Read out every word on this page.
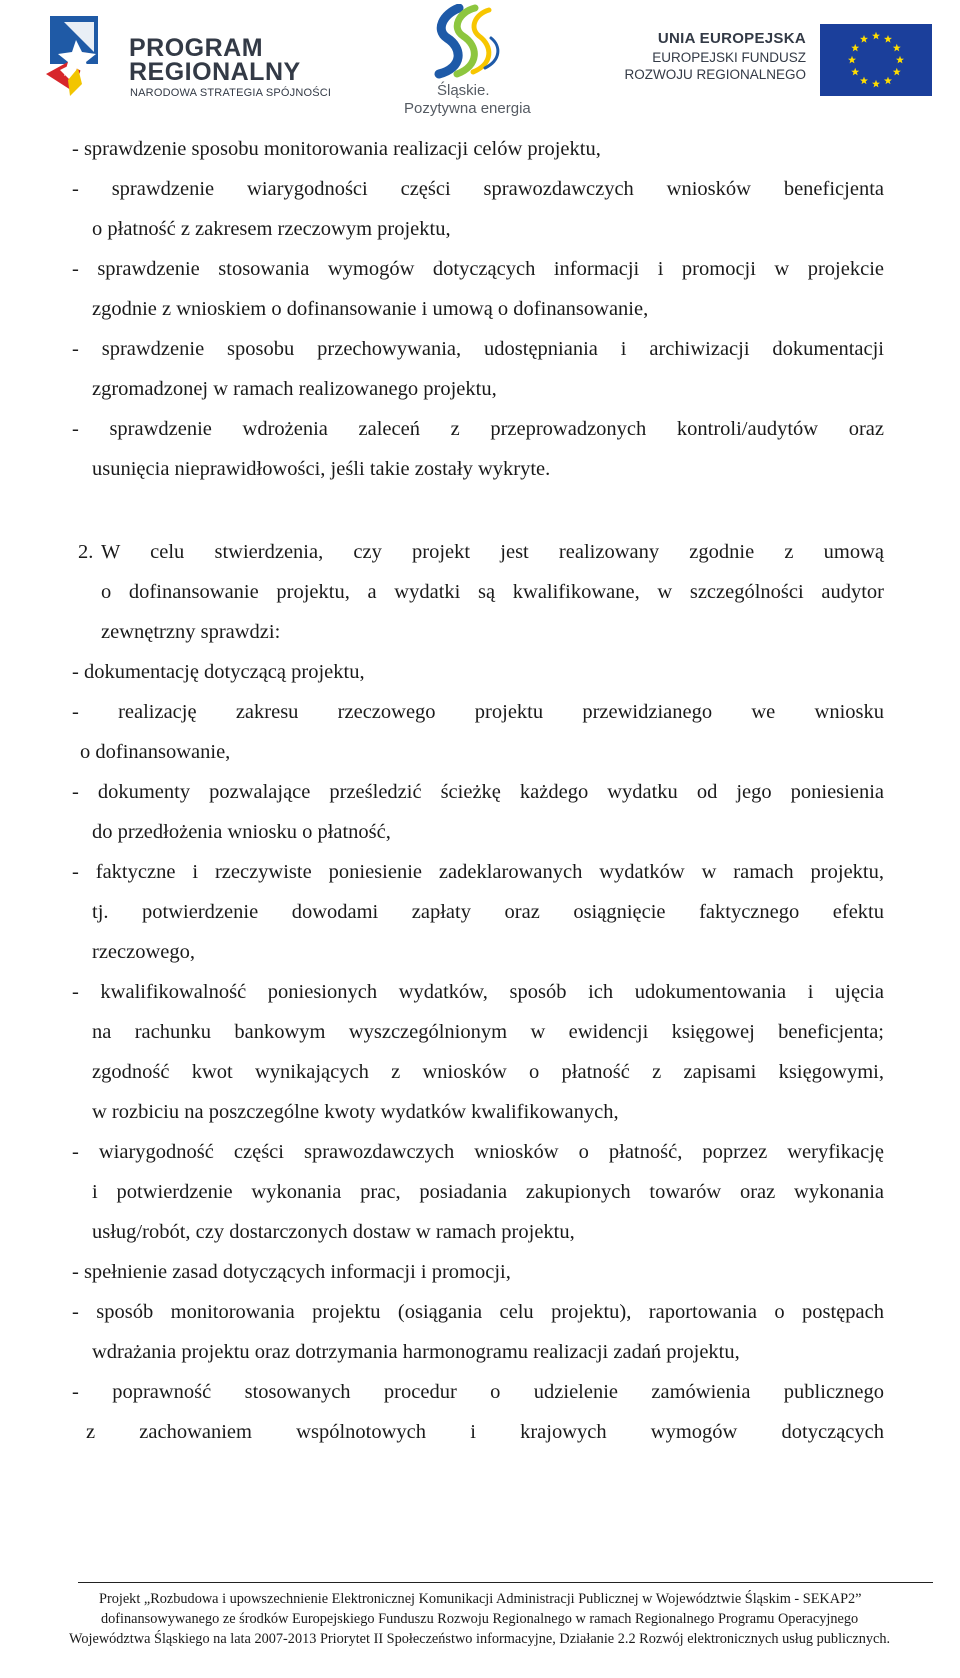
PROGRAM
REGIONALNY
NARODOWA STRATEGIA SPÓJNOŚCI	Śląskie.
Pozytywna energia
UNIA EUROPEJSKA
EUROPEJSKI FUNDUSZ
ROZWOJU REGIONALNEGO
- sprawdzenie sposobu monitorowania realizacji celów projektu,
- sprawdzenie wiarygodności części sprawozdawczych wniosków beneficjenta
o płatność z zakresem rzeczowym projektu,
- sprawdzenie stosowania wymogów dotyczących informacji i promocji w projekcie
zgodnie z wnioskiem o dofinansowanie i umową o dofinansowanie,
- sprawdzenie sposobu przechowywania, udostępniania i archiwizacji dokumentacji
zgromadzonej w ramach realizowanego projektu,
- sprawdzenie wdrożenia zaleceń z przeprowadzonych kontroli/audytów oraz
usunięcia nieprawidłowości, jeśli takie zostały wykryte.
2. W celu stwierdzenia, czy projekt jest realizowany zgodnie z umową
o dofinansowanie projektu, a wydatki są kwalifikowane, w szczególności audytor
zewnętrzny sprawdzi:
- dokumentację dotyczącą projektu,
- realizację zakresu rzeczowego projektu przewidzianego we wniosku
o dofinansowanie,
- dokumenty pozwalające prześledzić ścieżkę każdego wydatku od jego poniesienia
do przedłożenia wniosku o płatność,
- faktyczne i rzeczywiste poniesienie zadeklarowanych wydatków w ramach projektu,
tj. potwierdzenie dowodami zapłaty oraz osiągnięcie faktycznego efektu
rzeczowego,
- kwalifikowalność poniesionych wydatków, sposób ich udokumentowania i ujęcia
na rachunku bankowym wyszczególnionym w ewidencji księgowej beneficjenta;
zgodność kwot wynikających z wniosków o płatność z zapisami księgowymi,
w rozbiciu na poszczególne kwoty wydatków kwalifikowanych,
- wiarygodność części sprawozdawczych wniosków o płatność, poprzez weryfikację
i potwierdzenie wykonania prac, posiadania zakupionych towarów oraz wykonania
usług/robót, czy dostarczonych dostaw w ramach projektu,
- spełnienie zasad dotyczących informacji i promocji,
- sposób monitorowania projektu (osiągania celu projektu), raportowania o postępach
wdrażania projektu oraz dotrzymania harmonogramu realizacji zadań projektu,
- poprawność stosowanych procedur o udzielenie zamówienia publicznego
z zachowaniem wspólnotowych i krajowych wymogów dotyczących
Projekt „Rozbudowa i upowszechnienie Elektronicznej Komunikacji Administracji Publicznej w Województwie Śląskim - SEKAP2”
dofinansowywanego ze środków Europejskiego Funduszu Rozwoju Regionalnego w ramach Regionalnego Programu Operacyjnego
Województwa Śląskiego na lata 2007-2013 Priorytet II Społeczeństwo informacyjne, Działanie 2.2 Rozwój elektronicznych usług publicznych.
